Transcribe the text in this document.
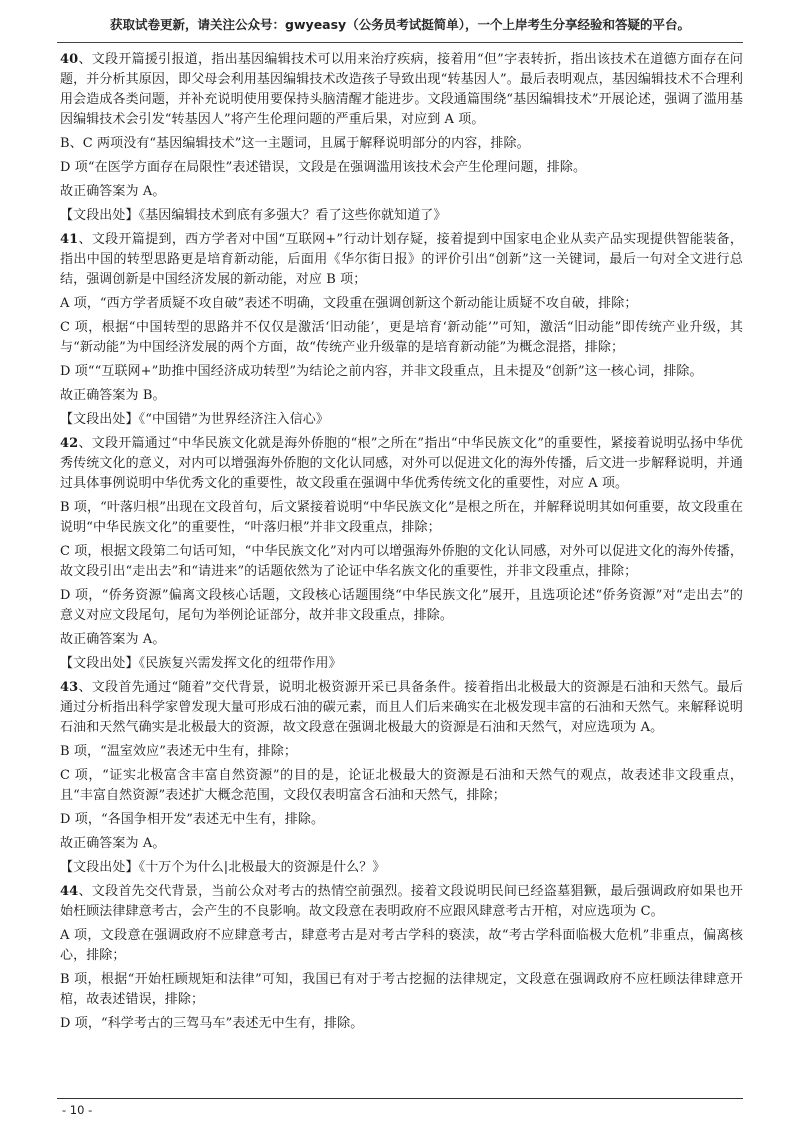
获取试卷更新，请关注公众号：gwyeasy（公务员考试挺简单），一个上岸考生分享经验和答疑的平台。

40、文段开篇援引报道，指出基因编辑技术可以用来治疗疾病，接着用“但”字表转折，指出该技术在道德方面存在问题，并分析其原因，即父母会利用基因编辑技术改造孩子导致出现“转基因人”。最后表明观点，基因编辑技术不合理利用会造成各类问题，并补充说明使用要保持头脑清醒才能进步。文段通篇围绕“基因编辑技术”开展论述，强调了滥用基因编辑技术会引发“转基因人”将产生伦理问题的严重后果，对应到 A 项。

B、C 两项没有“基因编辑技术”这一主题词，且属于解释说明部分的内容，排除。

D 项“在医学方面存在局限性”表述错误，文段是在强调滥用该技术会产生伦理问题，排除。

故正确答案为 A。

【文段出处】《基因编辑技术到底有多强大？看了这些你就知道了》

41、文段开篇提到，西方学者对中国“互联网+”行动计划存疑，接着提到中国家电企业从卖产品实现提供智能装备，指出中国的转型思路更是培育新动能，后面用《华尔街日报》的评价引出“创新”这一关键词，最后一句对全文进行总结，强调创新是中国经济发展的新动能，对应 B 项；

A 项，“西方学者质疑不攻自破”表述不明确，文段重在强调创新这个新动能让质疑不攻自破，排除；

C 项，根据“中国转型的思路并不仅仅是激活‘旧动能’，更是培育‘新动能’”可知，激活“旧动能”即传统产业升级，其与“新动能”为中国经济发展的两个方面，故“传统产业升级靠的是培育新动能”为概念混搭，排除；

D 项““互联网+”助推中国经济成功转型”为结论之前内容，并非文段重点，且未提及“创新”这一核心词，排除。

故正确答案为 B。

【文段出处】《“中国错”为世界经济注入信心》

42、文段开篇通过“中华民族文化就是海外侨胞的“根”之所在”指出“中华民族文化”的重要性，紧接着说明弘扬中华优秀传统文化的意义，对内可以增强海外侨胞的文化认同感，对外可以促进文化的海外传播，后文进一步解释说明，并通过具体事例说明中华优秀文化的重要性，故文段重在强调中华优秀传统文化的重要性，对应 A 项。

B 项，“叶落归根”出现在文段首句，后文紧接着说明“中华民族文化”是根之所在，并解释说明其如何重要，故文段重在说明“中华民族文化”的重要性，“叶落归根”并非文段重点，排除；

C 项，根据文段第二句话可知，“中华民族文化”对内可以增强海外侨胞的文化认同感，对外可以促进文化的海外传播，故文段引出“走出去”和“请进来”的话题依然为了论证中华名族文化的重要性，并非文段重点，排除；

D 项，“侨务资源”偏离文段核心话题，文段核心话题围绕“中华民族文化”展开，且选项论述“侨务资源”对“走出去”的意义对应文段尾句，尾句为举例论证部分，故并非文段重点，排除。

故正确答案为 A。

【文段出处】《民族复兴需发挥文化的纽带作用》

43、文段首先通过“随着”交代背景，说明北极资源开采已具备条件。接着指出北极最大的资源是石油和天然气。最后通过分析指出科学家曾发现大量可形成石油的碳元素，而且人们后来确实在北极发现丰富的石油和天然气。来解释说明石油和天然气确实是北极最大的资源，故文段意在强调北极最大的资源是石油和天然气，对应选项为 A。

B 项，“温室效应”表述无中生有，排除；

C 项，“证实北极富含丰富自然资源”的目的是，论证北极最大的资源是石油和天然气的观点，故表述非文段重点，且“丰富自然资源”表述扩大概念范围，文段仅表明富含石油和天然气，排除；

D 项，“各国争相开发”表述无中生有，排除。

故正确答案为 A。

【文段出处】《十万个为什么|北极最大的资源是什么？》

44、文段首先交代背景，当前公众对考古的热情空前强烈。接着文段说明民间已经盗墓猖獗，最后强调政府如果也开始枉顾法律肆意考古，会产生的不良影响。故文段意在表明政府不应跟风肆意考古开棺，对应选项为 C。

A 项，文段意在强调政府不应肆意考古，肆意考古是对考古学科的亵渎，故“考古学科面临极大危机”非重点，偏离核心，排除；

B 项，根据“开始枉顾规矩和法律”可知，我国已有对于考古挖掘的法律规定，文段意在强调政府不应枉顾法律肆意开棺，故表述错误，排除；

D 项，“科学考古的三驾马车”表述无中生有，排除。

- 10 -
